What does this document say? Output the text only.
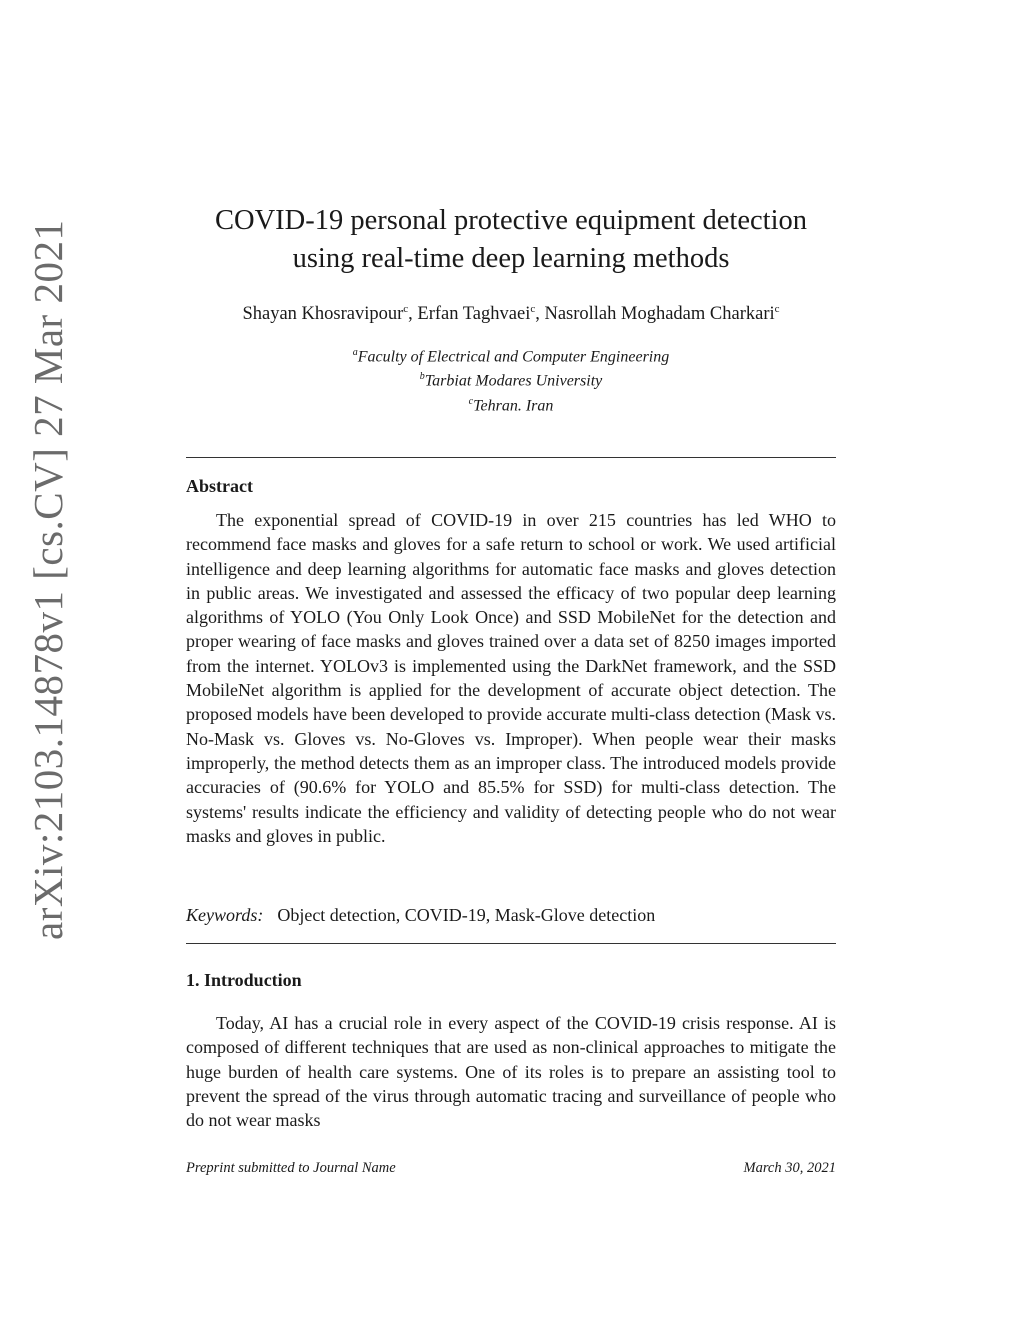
arXiv:2103.14878v1 [cs.CV] 27 Mar 2021	COVID-19 personal protective equipment detection
using real-time deep learning methods
Shayan Khosravipour$^c$, Erfan Taghvaei$^c$, Nasrollah Moghadam Charkari$^c$
$^a$Faculty of Electrical and Computer Engineering
$^b$Tarbiat Modares University
$^c$Tehran. Iran
Abstract

The exponential spread of COVID-19 in over 215 countries has led WHO to recommend face masks and gloves for a safe return to school or work. We used artificial intelligence and deep learning algorithms for automatic face masks and gloves detection in public areas. We investigated and assessed the efficacy of two popular deep learning algorithms of YOLO (You Only Look Once) and SSD MobileNet for the detection and proper wearing of face masks and gloves trained over a data set of 8250 images imported from the internet. YOLOv3 is implemented using the DarkNet framework, and the SSD MobileNet algorithm is applied for the development of accurate object detection. The proposed models have been developed to provide accurate multi-class detection (Mask vs. No-Mask vs. Gloves vs. No-Gloves vs. Improper). When people wear their masks improperly, the method detects them as an improper class. The introduced models provide accuracies of (90.6% for YOLO and 85.5% for SSD) for multi-class detection. The systems' results indicate the efficiency and validity of detecting people who do not wear masks and gloves in public.

Keywords: Object detection, COVID-19, Mask-Glove detection
1. Introduction

Today, AI has a crucial role in every aspect of the COVID-19 crisis response. AI is composed of different techniques that are used as non-clinical approaches to mitigate the huge burden of health care systems. One of its roles is to prepare an assisting tool to prevent the spread of the virus through automatic tracing and surveillance of people who do not wear masks

Preprint submitted to Journal Name	March 30, 2021
